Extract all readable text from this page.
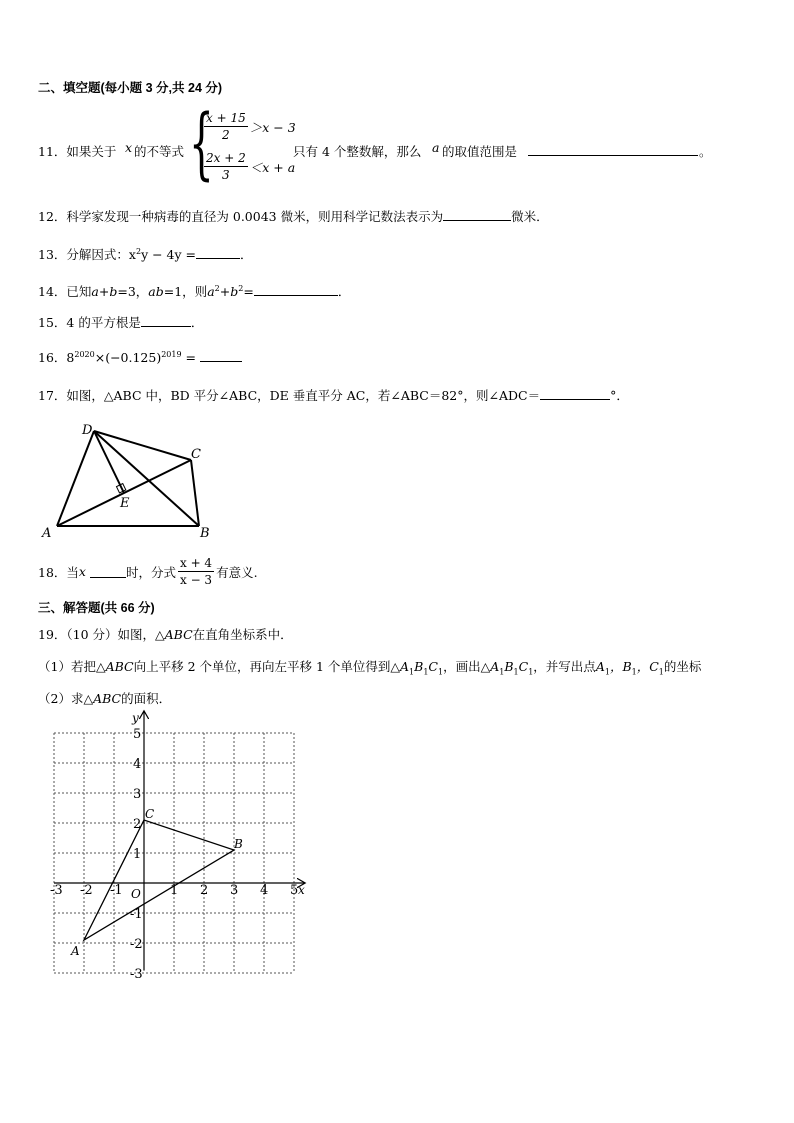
二、填空题(每小题 3 分,共 24 分)
11．如果关于 x 的不等式 {
$\frac{x + 15}{2} >x - 3$
$\frac{2x + 2}{3} <x + a$
只有 4 个整数解，那么 a 的取值范围是	。
12．科学家发现一种病毒的直径为 0.0043 微米，则用科学记数法表示为	微米．
13．分解因式：$x^2y - 4y$ =	．
14．已知a+b=3，ab=1，则$a^2+b^2=$	．
15．4 的平方根是	．
16．$8^{2020}\times(-0.125)^{2019}$ =
17．如图，△ABC 中，BD 平分∠ABC，DE 垂直平分 AC，若∠ABC＝82°，则∠ADC＝	°．
D
C
E
A	B
18．当 x	时，分式 $\frac{x + 4}{x - 3}$ 有意义.
三、解答题(共 66 分)
19．（10 分）如图，△ABC在直角坐标系中．
（1）若把△ABC向上平移 2 个单位，再向左平移 1 个单位得到$\triangle A_1B_1C_1$，画出$\triangle A_1B_1C_1$，并写出点$A_1$，$B_1$，$C_1$的坐标
（2）求△ABC的面积．
x
y
O
-3 -2 -1	1 2 3 4 5
5
4
3
2
1
-1
-2
-3
A
B
C
